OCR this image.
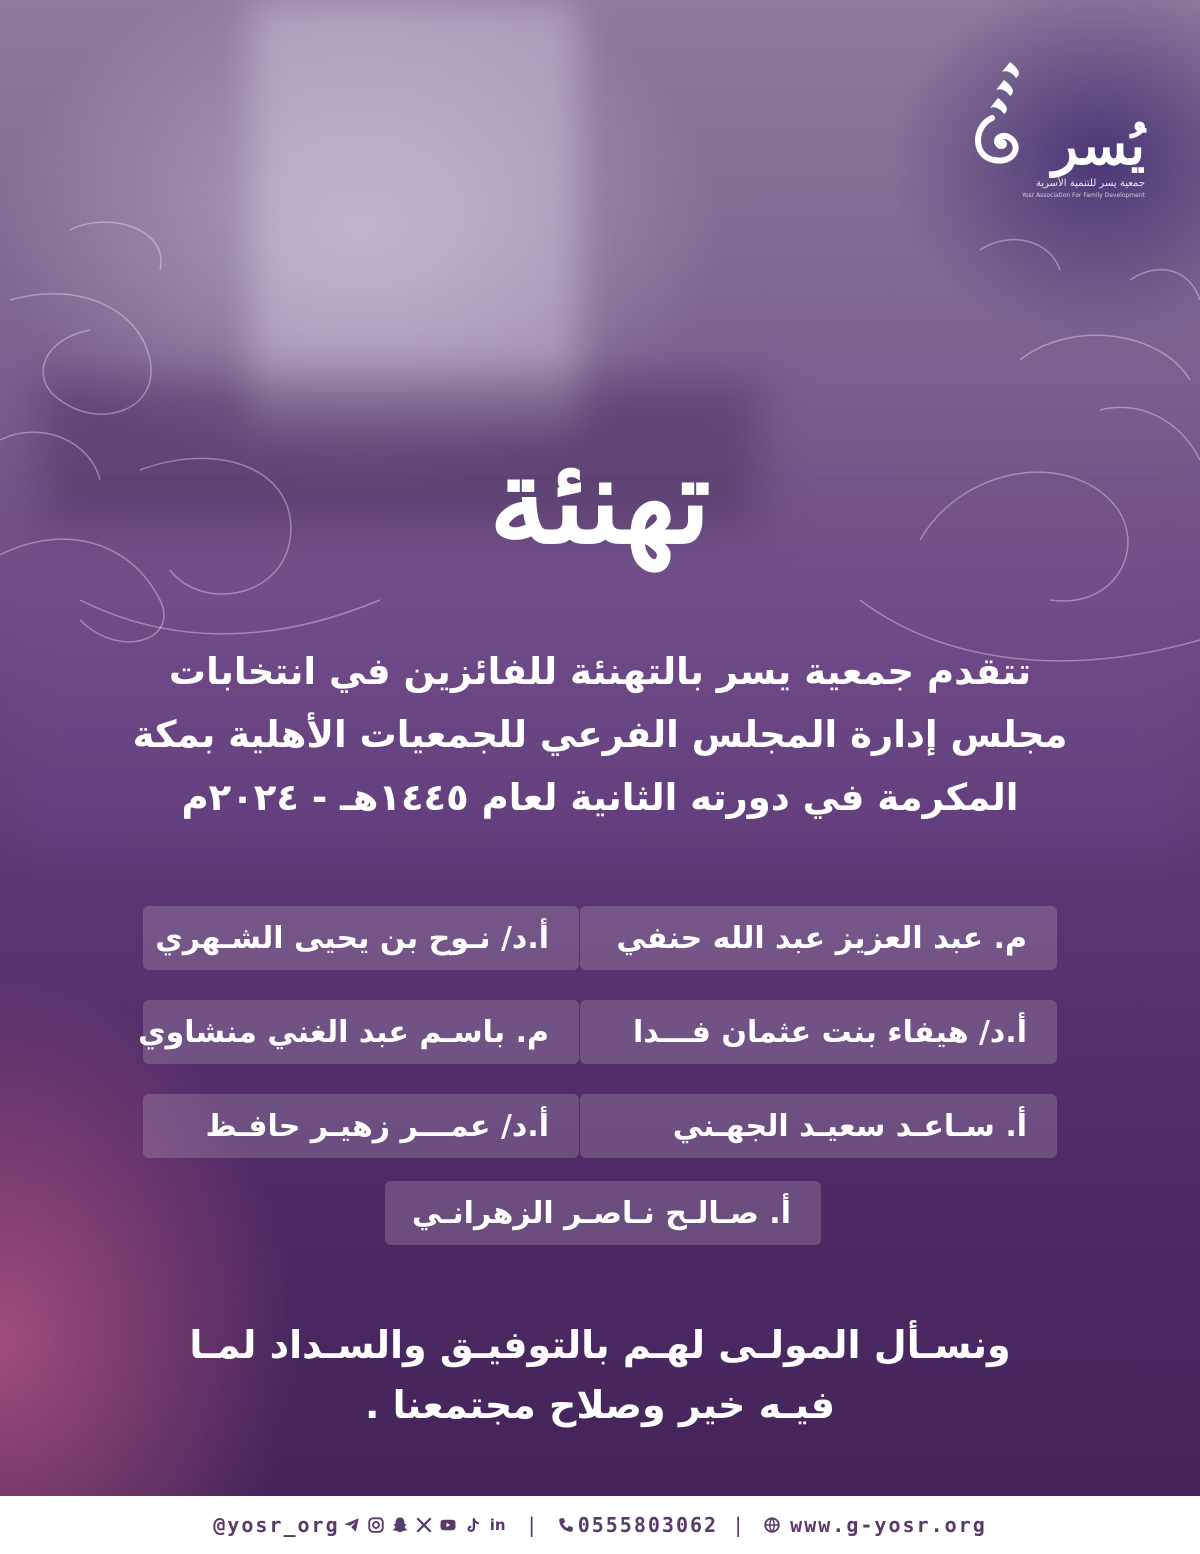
يُسر
جمعية يسر للتنمية الأسرية
Yosr Association For Family Development
تهنئة
تتقدم جمعية يسر بالتهنئة للفائزين في انتخابات مجلس إدارة المجلس الفرعي للجمعيات الأهلية بمكة المكرمة في دورته الثانية لعام ١٤٤٥هـ - ٢٠٢٤م
م. عبد العزيز عبد الله حنفي
أ.د/ نـوح بن يحيى الشـهري
أ.د/ هيفاء بنت عثمان فـــدا
م. باسـم عبد الغني منشاوي
أ. سـاعـد سعيـد الجهـني
أ.د/ عمـــر زهيـر حافـظ
أ. صـالـح نـاصـر الزهرانـي
ونسـأل المولـى لهـم بالتوفيـق والسـداد لمـا فيـه خير وصلاح مجتمعنا .
@yosr_org	in | 0555803062 | www.g-yosr.org
